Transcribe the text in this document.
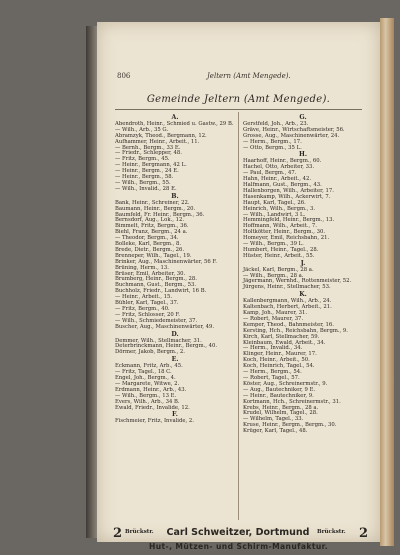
806	Jeltern (Amt Mengede).
Gemeinde Jeltern (Amt Mengede).
A.
Abendroth, Heinr., Schmied u. Gastw., 29 B.
— Wilh., Arb., 35 G.
Abramzyk, Theod., Bergmann, 12.
Aufhammer, Heinr., Arbeit., 11.
— Bernh., Bergm., 33 E.
— Friedr., Schlepper, 48.
— Fritz, Bergm., 45.
— Heinr., Bergmann, 42 L.
— Heinr., Bergm., 24 E.
— Heinr., Bergm., 58.
— Wilh., Bergm., 55.
— Wilh., Invalid., 28 E.
B.
Bank, Heinr., Schreiner, 22.
Baumann, Heinr., Bergm., 20.
Baumfeld, Fr. Heinr., Bergm., 36.
Bernsdorf, Aug., Lok., 12.
Bimmelt, Fritz, Bergm., 36.
Biehl, Franz, Bergm., 24 a.
— Theodor, Bergm., 34.
Bolleke, Karl, Bergm., 8.
Brede, Dietr., Bergm., 26.
Brenneper, Wilh., Tagel., 19.
Brinker, Aug., Maschinenwärter, 56 F.
Brüning, Herm., 13.
Brüser, Emil, Arbeiter, 30.
Brumberg, Heinr., Bergm., 28.
Buchmann, Gust., Bergm., 53.
Buchholz, Friedr., Landwirt, 16 B.
— Heinr., Arbeit., 15.
Bühler, Karl, Tagel., 37.
— Fritz, Bergm., 40.
— Fritz, Schlosser, 20 F.
— Wilh., Schmiedemeister, 37.
Buscher, Aug., Maschinenwärter, 49.
D.
Demmer, Wilh., Stellmacher, 31.
Deterbrinckmann, Heinr., Bergm., 40.
Dörmer, Jakob, Bergm., 2.
E.
Eckmann, Fritz, Arb., 45.
— Fritz, Tagel., 18 C.
Engel, Joh., Bergm., 4.
— Margarete, Witwe, 2.
Erdmann, Heinr., Arb., 43.
— Wilh., Bergm., 13 E.
Evers, Wilh., Arb., 34 B.
Ewald, Friedr., Invalide, 12.
F.
Fischmeier, Fritz, Invalide, 2.
G.
Gerstfeld, Joh., Arb., 23.
Gräve, Heinr., Wirtschaftsmeister, 56.
Grosse, Aug., Maschinenwärter, 24.
— Herm., Bergm., 17.
— Otto, Bergm., 35 L.
H.
Haarhoff, Heinr., Bergm., 60.
Hachel, Otto, Arbeiter, 33.
— Paul, Bergm., 47.
Hahn, Heinr., Arbeit., 42.
Halfmann, Gust., Bergm., 43.
Hallenborgen, Wilh., Arbeiter, 17.
Hasenkamp, Wilh., Ackerwirt, 7.
Haupt, Karl, Tagel., 26.
Heinrich, Wilh., Bergm., 3.
— Wilh., Landwirt, 3 L.
Hemmingfeld, Heinr., Bergm., 13.
Hoffmann, Wilh., Arbeit., 7.
Holtkötter, Heinr., Bergm., 30.
Homeyer, Emil, Reichsbahn, 21.
— Wilh., Bergm., 39 L.
Humbert, Heinr., Tagel., 28.
Hüster, Heinr., Arbeit., 55.
J.
Jäckel, Karl, Bergm., 28 a.
— Wilh., Bergm., 28 a.
Jägermann, Wernhd., Rottenmeister, 52.
Jürgens, Heinr., Stellmacher, 53.
K.
Kallenbergmann, Wilh., Arb., 24.
Kaltenbach, Herbert, Arbeit., 21.
Kamp, Joh., Maurer, 31.
— Robert, Maurer, 37.
Kemper, Theod., Bahnmeister, 16.
Kersting, Hch., Reichsbahn, Bergm., 9.
Kirch, Karl, Stellmacher, 59.
Kleinbaum, Ewald, Arbeit., 34.
— Herm., Invalid., 34.
Klinger, Heinr., Maurer, 17.
Koch, Heinr., Arbeit., 50.
Koch, Heinrich, Tagel., 54.
— Herm., Bergm., 54.
— Robert, Tagel., 57.
Köster, Aug., Schreinermstr., 9.
— Aug., Bautechniker, 9 E.
— Heinr., Bautechniker, 9.
Kortmann, Hch., Schreinermstr., 31.
Krebs, Heinr., Bergm., 28 a.
Krudel, Wilhelm, Tagel., 28.
— Wilhelm, Tagel., 33.
Kruse, Heinr., Bergm., Bergm., 30.
Krüger, Karl, Tagel., 48.
2 Brückstr.	Carl Schweitzer, Dortmund	Brückstr. 2
Hut-, Mützen- und Schirm-Manufaktur.
